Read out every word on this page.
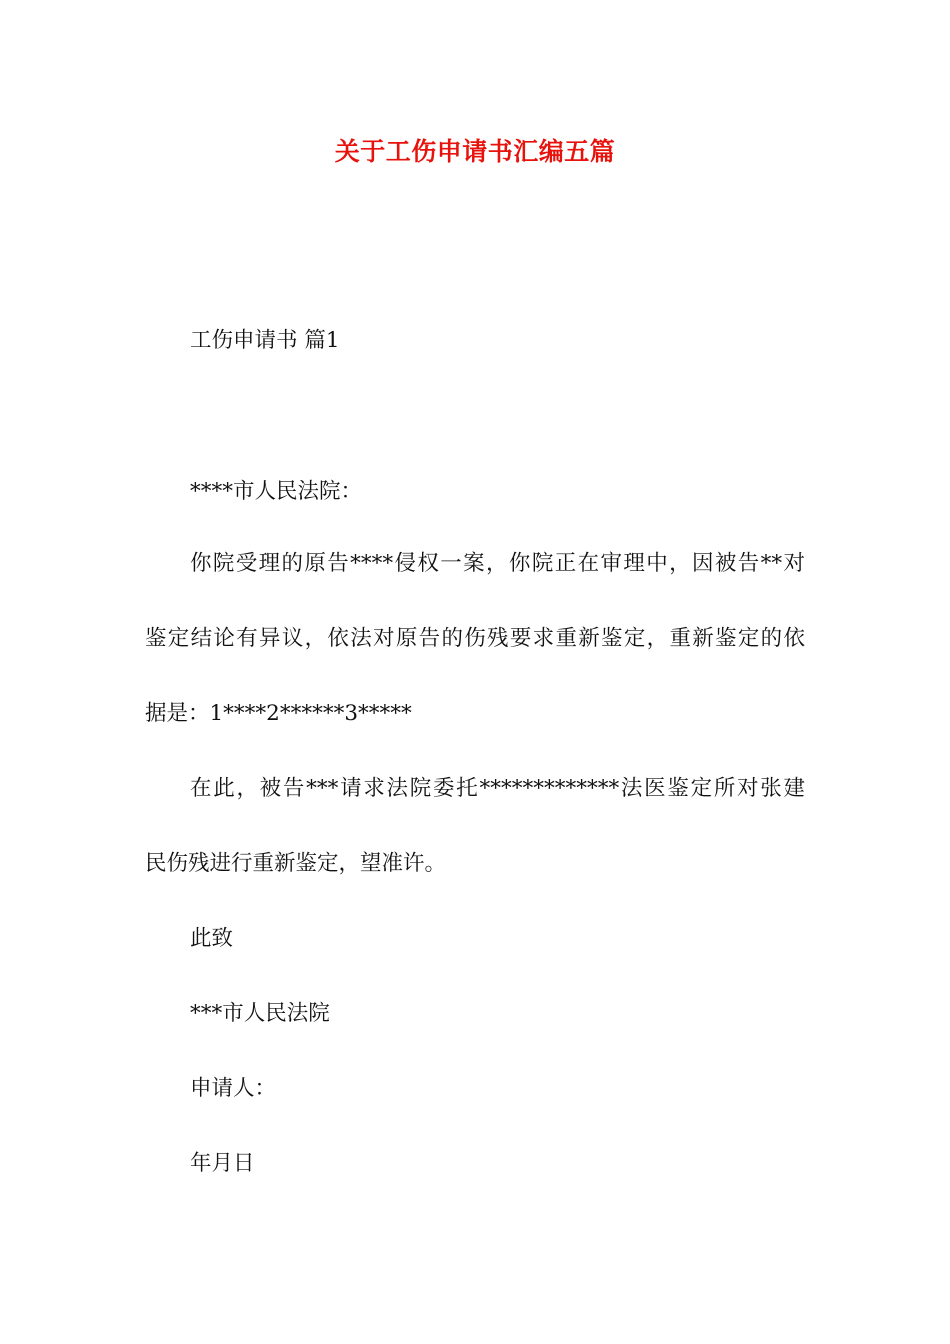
关于工伤申请书汇编五篇

工伤申请书 篇1

****市人民法院：

你院受理的原告****侵权一案，你院正在审理中，因被告**对

鉴定结论有异议，依法对原告的伤残要求重新鉴定，重新鉴定的依

据是：1****2******3*****

在此，被告***请求法院委托*************法医鉴定所对张建

民伤残进行重新鉴定，望准许。

此致

***市人民法院

申请人：

年月日
